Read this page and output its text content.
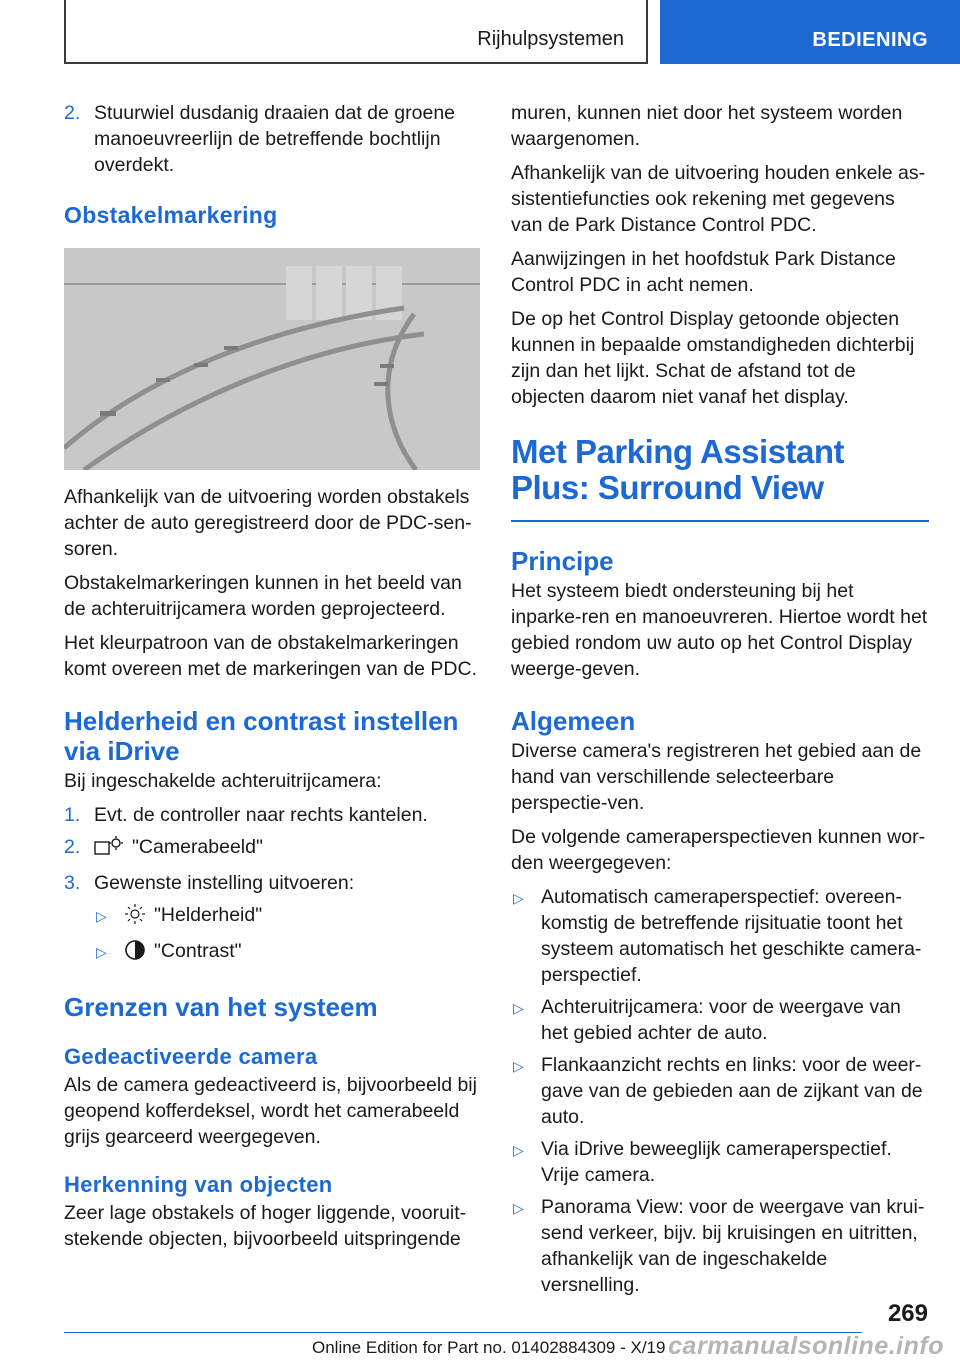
Rijhulpsystemen	BEDIENING
2. Stuurwiel dusdanig draaien dat de groene manoeuvreerlijn de betreffende bochtlijn overdekt.
Obstakelmarkering

Afhankelijk van de uitvoering worden obstakels achter de auto geregistreerd door de PDC-sen-soren.

Obstakelmarkeringen kunnen in het beeld van de achteruitrijcamera worden geprojecteerd.

Het kleurpatroon van de obstakelmarkeringen komt overeen met de markeringen van de PDC.

Helderheid en contrast instellen via iDrive

Bij ingeschakelde achteruitrijcamera:

1. Evt. de controller naar rechts kantelen.
2.	"Camerabeeld"
3. Gewenste instelling uitvoeren:
▷ "Helderheid"
▷ "Contrast"
Grenzen van het systeem
Gedeactiveerde camera

Als de camera gedeactiveerd is, bijvoorbeeld bij geopend kofferdeksel, wordt het camerabeeld grijs gearceerd weergegeven.

Herkenning van objecten

Zeer lage obstakels of hoger liggende, vooruit-stekende objecten, bijvoorbeeld uitspringende

muren, kunnen niet door het systeem worden waargenomen.

Afhankelijk van de uitvoering houden enkele as-sistentiefuncties ook rekening met gegevens van de Park Distance Control PDC.

Aanwijzingen in het hoofdstuk Park Distance Control PDC in acht nemen.

De op het Control Display getoonde objecten kunnen in bepaalde omstandigheden dichterbij zijn dan het lijkt. Schat de afstand tot de objecten daarom niet vanaf het display.

Met Parking Assistant Plus: Surround View
Principe

Het systeem biedt ondersteuning bij het inparke-ren en manoeuvreren. Hiertoe wordt het gebied rondom uw auto op het Control Display weerge-geven.

Algemeen

Diverse camera's registreren het gebied aan de hand van verschillende selecteerbare perspectie-ven.

De volgende cameraperspectieven kunnen wor-den weergegeven:

▷ Automatisch cameraperspectief: overeen-komstig de betreffende rijsituatie toont het systeem automatisch het geschikte camera-perspectief.
▷ Achteruitrijcamera: voor de weergave van het gebied achter de auto.
▷ Flankaanzicht rechts en links: voor de weer-gave van de gebieden aan de zijkant van de auto.
▷ Via iDrive beweeglijk cameraperspectief. Vrije camera.
▷ Panorama View: voor de weergave van krui-send verkeer, bijv. bij kruisingen en uitritten, afhankelijk van de ingeschakelde versnelling.
269
Online Edition for Part no. 01402884309 - X/19 carmanualsonline.info
